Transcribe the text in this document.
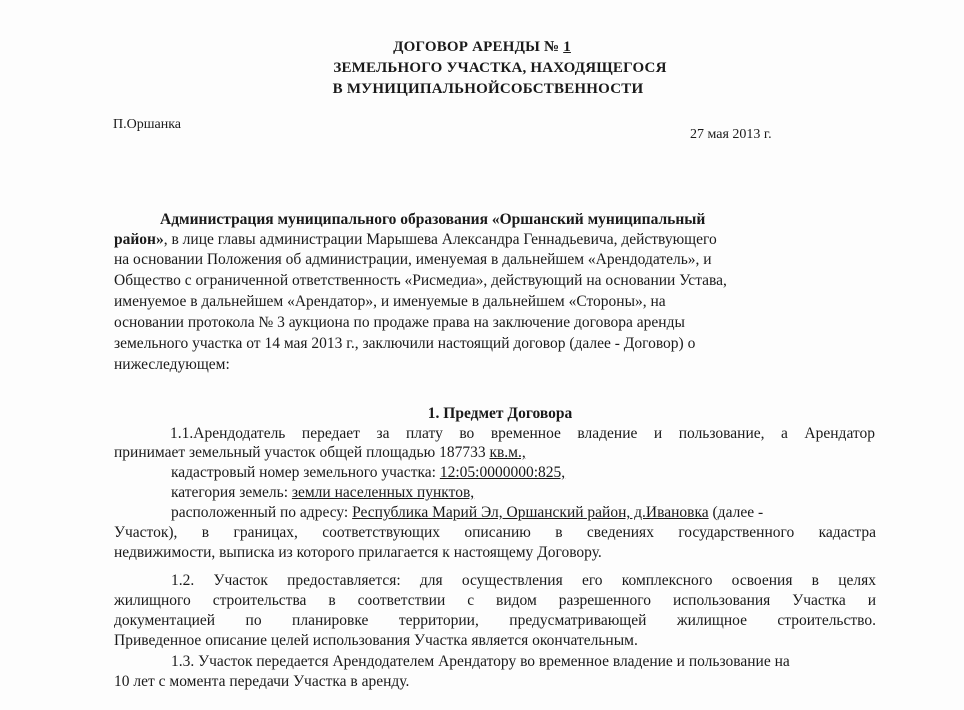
ДОГОВОР АРЕНДЫ № 1
ЗЕМЕЛЬНОГО УЧАСТКА, НАХОДЯЩЕГОСЯ
В МУНИЦИПАЛЬНОЙСОБСТВЕННОСТИ
П.Оршанка
27 мая 2013 г.
Администрация муниципального образования «Оршанский муниципальный
район», в лице главы администрации Марышева Александра Геннадьевича, действующего
на основании Положения об администрации, именуемая в дальнейшем «Арендодатель», и
Общество с ограниченной ответственность «Рисмедиа», действующий на основании Устава,
именуемое в дальнейшем «Арендатор», и именуемые в дальнейшем «Стороны», на
основании протокола № 3 аукциона по продаже права на заключение договора аренды
земельного участка от 14 мая 2013 г., заключили настоящий договор (далее - Договор) о
нижеследующем:
1. Предмет Договора
1.1.Арендодатель передает за плату во временное владение и пользование, а Арендатор
принимает земельный участок общей площадью 187733 кв.м.,
кадастровый номер земельного участка: 12:05:0000000:825,
категория земель: земли населенных пунктов,
расположенный по адресу: Республика Марий Эл, Оршанский район, д.Ивановка (далее -
Участок), в границах, соответствующих описанию в сведениях государственного кадастра
недвижимости, выписка из которого прилагается к настоящему Договору.
1.2. Участок предоставляется: для осуществления его комплексного освоения в целях
жилищного строительства в соответствии с видом разрешенного использования Участка и
документацией по планировке территории, предусматривающей жилищное строительство.
Приведенное описание целей использования Участка является окончательным.
1.3. Участок передается Арендодателем Арендатору во временное владение и пользование на
10 лет с момента передачи Участка в аренду.
